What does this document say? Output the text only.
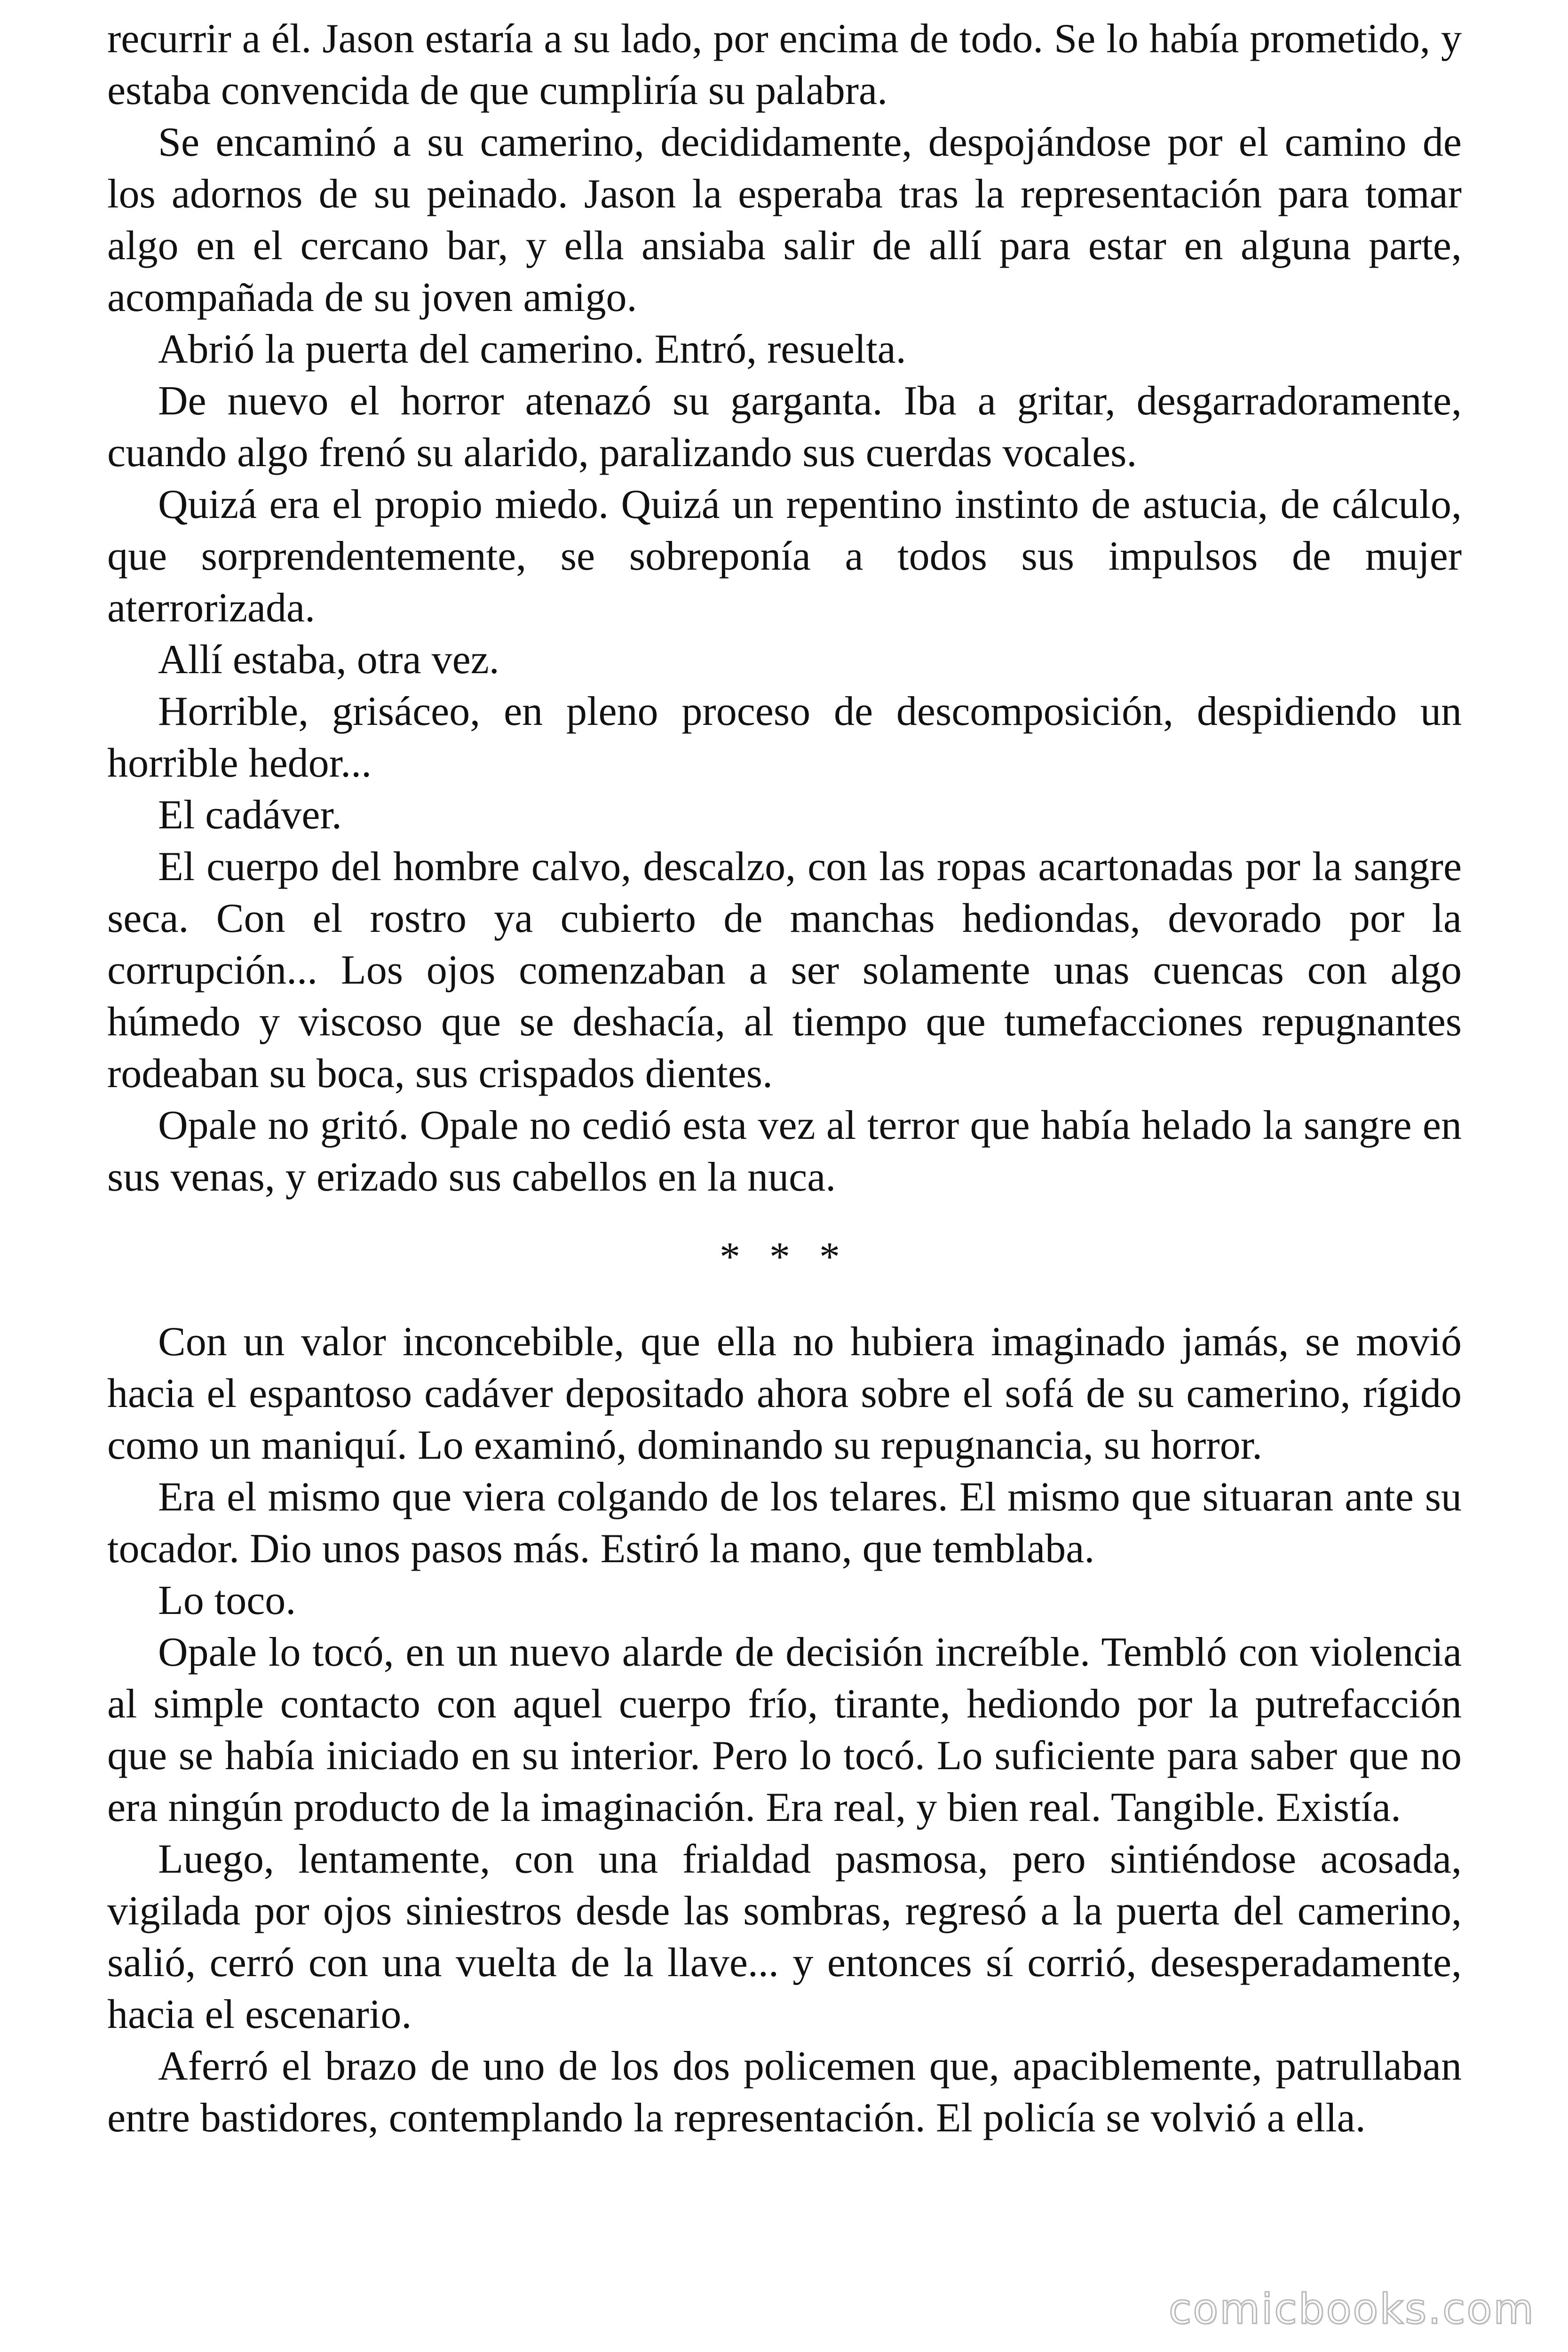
recurrir a él. Jason estaría a su lado, por encima de todo. Se lo había prometido, y estaba convencida de que cumpliría su palabra.

Se encaminó a su camerino, decididamente, despojándose por el camino de los adornos de su peinado. Jason la esperaba tras la representación para tomar algo en el cercano bar, y ella ansiaba salir de allí para estar en alguna parte, acompañada de su joven amigo.

Abrió la puerta del camerino. Entró, resuelta.

De nuevo el horror atenazó su garganta. Iba a gritar, desgarradoramente, cuando algo frenó su alarido, paralizando sus cuerdas vocales.

Quizá era el propio miedo. Quizá un repentino instinto de astucia, de cálculo, que sorprendentemente, se sobreponía a todos sus impulsos de mujer aterrorizada.

Allí estaba, otra vez.

Horrible, grisáceo, en pleno proceso de descomposición, despidiendo un horrible hedor...

El cadáver.

El cuerpo del hombre calvo, descalzo, con las ropas acartonadas por la sangre seca. Con el rostro ya cubierto de manchas hediondas, devorado por la corrupción... Los ojos comenzaban a ser solamente unas cuencas con algo húmedo y viscoso que se deshacía, al tiempo que tumefacciones repugnantes rodeaban su boca, sus crispados dientes.

Opale no gritó. Opale no cedió esta vez al terror que había helado la sangre en sus venas, y erizado sus cabellos en la nuca.

* * *

Con un valor inconcebible, que ella no hubiera imaginado jamás, se movió hacia el espantoso cadáver depositado ahora sobre el sofá de su camerino, rígido como un maniquí. Lo examinó, dominando su repugnancia, su horror.

Era el mismo que viera colgando de los telares. El mismo que situaran ante su tocador. Dio unos pasos más. Estiró la mano, que temblaba.

Lo toco.

Opale lo tocó, en un nuevo alarde de decisión increíble. Tembló con violencia al simple contacto con aquel cuerpo frío, tirante, hediondo por la putrefacción que se había iniciado en su interior. Pero lo tocó. Lo suficiente para saber que no era ningún producto de la imaginación. Era real, y bien real. Tangible. Existía.

Luego, lentamente, con una frialdad pasmosa, pero sintiéndose acosada, vigilada por ojos siniestros desde las sombras, regresó a la puerta del camerino, salió, cerró con una vuelta de la llave... y entonces sí corrió, desesperadamente, hacia el escenario.

Aferró el brazo de uno de los dos policemen que, apaciblemente, patrullaban entre bastidores, contemplando la representación. El policía se volvió a ella.

comicbooks.com
